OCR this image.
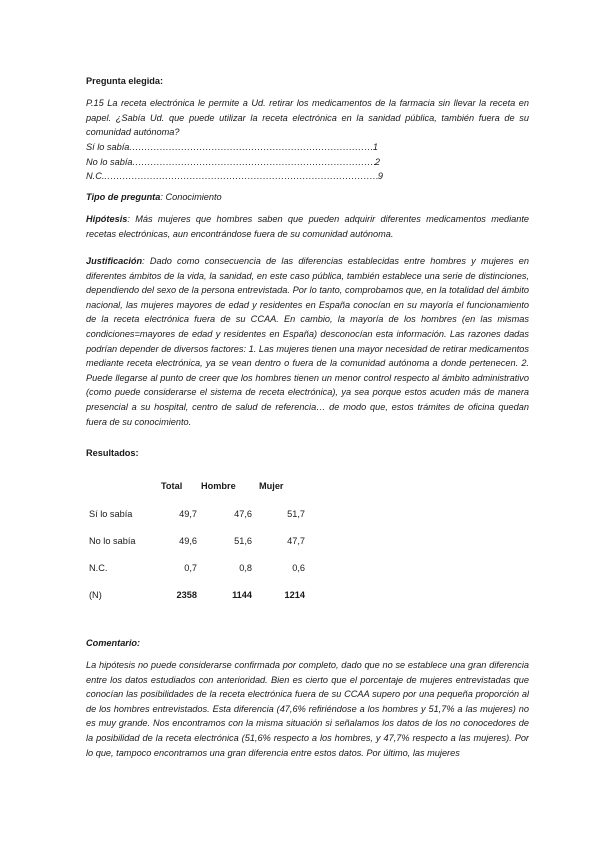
Pregunta elegida:
P.15 La receta electrónica le permite a Ud. retirar los medicamentos de la farmacia sin llevar la receta en papel. ¿Sabía Ud. que puede utilizar la receta electrónica en la sanidad pública, también fuera de su comunidad autónoma?
Sí lo sabía .....	1
No lo sabía .....	2
N.C. .....	9
Tipo de pregunta: Conocimiento
Hipótesis: Más mujeres que hombres saben que pueden adquirir diferentes medicamentos mediante recetas electrónicas, aun encontrándose fuera de su comunidad autónoma.
Justificación: Dado como consecuencia de las diferencias establecidas entre hombres y mujeres en diferentes ámbitos de la vida, la sanidad, en este caso pública, también establece una serie de distinciones, dependiendo del sexo de la persona entrevistada. Por lo tanto, comprobamos que, en la totalidad del ámbito nacional, las mujeres mayores de edad y residentes en España conocían en su mayoría el funcionamiento de la receta electrónica fuera de su CCAA. En cambio, la mayoría de los hombres (en las mismas condiciones=mayores de edad y residentes en España) desconocían esta información. Las razones dadas podrían depender de diversos factores: 1. Las mujeres tienen una mayor necesidad de retirar medicamentos mediante receta electrónica, ya se vean dentro o fuera de la comunidad autónoma a donde pertenecen. 2. Puede llegarse al punto de creer que los hombres tienen un menor control respecto al ámbito administrativo (como puede considerarse el sistema de receta electrónica), ya sea porque estos acuden más de manera presencial a su hospital, centro de salud de referencia… de modo que, estos trámites de oficina quedan fuera de su conocimiento.
Resultados:
	Total	Hombre	Mujer
Sí lo sabía	49,7	47,6	51,7
No lo sabía	49,6	51,6	47,7
N.C.	0,7	0,8	0,6
(N)	2358	1144	1214
Comentario:
La hipótesis no puede considerarse confirmada por completo, dado que no se establece una gran diferencia entre los datos estudiados con anterioridad. Bien es cierto que el porcentaje de mujeres entrevistadas que conocían las posibilidades de la receta electrónica fuera de su CCAA supero por una pequeña proporción al de los hombres entrevistados. Esta diferencia (47,6% refiriéndose a los hombres y 51,7% a las mujeres) no es muy grande. Nos encontramos con la misma situación si señalamos los datos de los no conocedores de la posibilidad de la receta electrónica (51,6% respecto a los hombres, y 47,7% respecto a las mujeres). Por lo que, tampoco encontramos una gran diferencia entre estos datos. Por último, las mujeres
